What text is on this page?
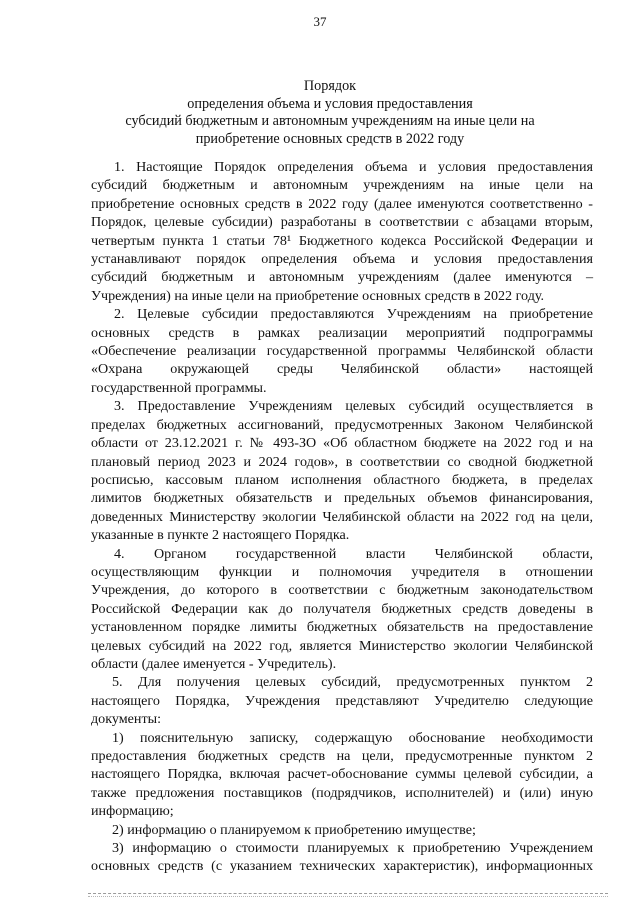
37
Порядок
определения объема и условия предоставления
субсидий бюджетным и автономным учреждениям на иные цели на
приобретение основных средств в 2022 году
1. Настоящие Порядок определения объема и условия предоставления
субсидий бюджетным и автономным учреждениям на иные цели на
приобретение основных средств в 2022 году (далее именуются соответственно -
Порядок, целевые субсидии) разработаны в соответствии с абзацами вторым,
четвертым пункта 1 статьи 78¹ Бюджетного кодекса Российской Федерации и
устанавливают порядок определения объема и условия предоставления
субсидий бюджетным и автономным учреждениям (далее именуются –
Учреждения) на иные цели на приобретение основных средств в 2022 году.
2. Целевые субсидии предоставляются Учреждениям на приобретение
основных средств в рамках реализации мероприятий подпрограммы
«Обеспечение реализации государственной программы Челябинской области
«Охрана окружающей среды Челябинской области» настоящей
государственной программы.
3. Предоставление Учреждениям целевых субсидий осуществляется в
пределах бюджетных ассигнований, предусмотренных Законом Челябинской
области от 23.12.2021 г. № 493-ЗО «Об областном бюджете на 2022 год и на
плановый период 2023 и 2024 годов», в соответствии со сводной бюджетной
росписью, кассовым планом исполнения областного бюджета, в пределах
лимитов бюджетных обязательств и предельных объемов финансирования,
доведенных Министерству экологии Челябинской области на 2022 год на цели,
указанные в пункте 2 настоящего Порядка.
4. Органом государственной власти Челябинской области,
осуществляющим функции и полномочия учредителя в отношении
Учреждения, до которого в соответствии с бюджетным законодательством
Российской Федерации как до получателя бюджетных средств доведены в
установленном порядке лимиты бюджетных обязательств на предоставление
целевых субсидий на 2022 год, является Министерство экологии Челябинской
области (далее именуется - Учредитель).
5. Для получения целевых субсидий, предусмотренных пунктом 2
настоящего Порядка, Учреждения представляют Учредителю следующие
документы:
1) пояснительную записку, содержащую обоснование необходимости
предоставления бюджетных средств на цели, предусмотренные пунктом 2
настоящего Порядка, включая расчет-обоснование суммы целевой субсидии, а
также предложения поставщиков (подрядчиков, исполнителей) и (или) иную
информацию;
2) информацию о планируемом к приобретению имуществе;
3) информацию о стоимости планируемых к приобретению Учреждением
основных средств (с указанием технических характеристик), информационных
